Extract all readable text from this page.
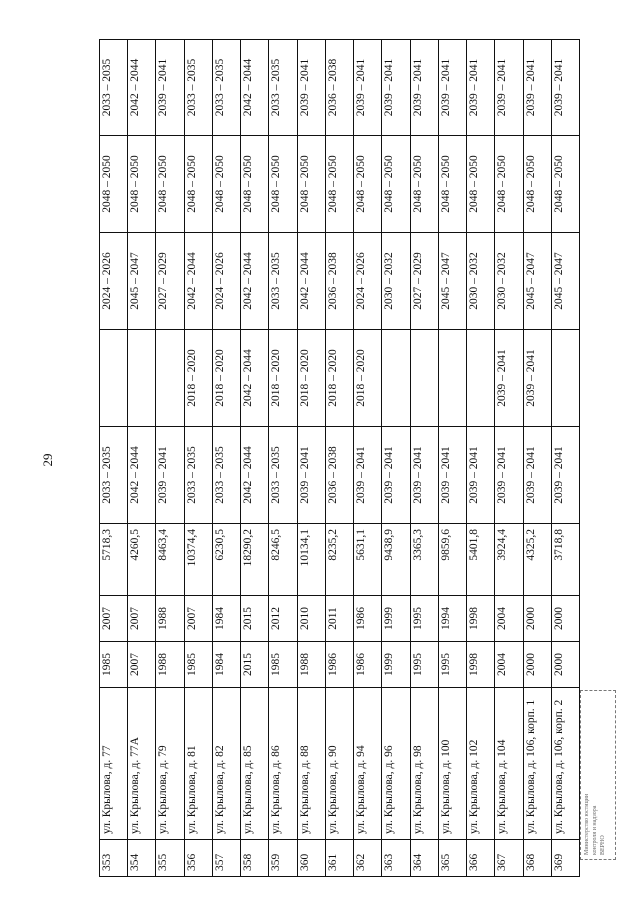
29
353	ул. Крылова, д. 77	1985	2007	5718,3	2033 – 2035		2024 – 2026	2048 – 2050	2033 – 2035
354	ул. Крылова, д. 77А	2007	2007	4260,5	2042 – 2044		2045 – 2047	2048 – 2050	2042 – 2044
355	ул. Крылова, д. 79	1988	1988	8463,4	2039 – 2041		2027 – 2029	2048 – 2050	2039 – 2041
356	ул. Крылова, д. 81	1985	2007	10374,4	2033 – 2035	2018 – 2020	2042 – 2044	2048 – 2050	2033 – 2035
357	ул. Крылова, д. 82	1984	1984	6230,5	2033 – 2035	2018 – 2020	2024 – 2026	2048 – 2050	2033 – 2035
358	ул. Крылова, д. 85	2015	2015	18290,2	2042 – 2044	2042 – 2044	2042 – 2044	2048 – 2050	2042 – 2044
359	ул. Крылова, д. 86	1985	2012	8246,5	2033 – 2035	2018 – 2020	2033 – 2035	2048 – 2050	2033 – 2035
360	ул. Крылова, д. 88	1988	2010	10134,1	2039 – 2041	2018 – 2020	2042 – 2044	2048 – 2050	2039 – 2041
361	ул. Крылова, д. 90	1986	2011	8235,2	2036 – 2038	2018 – 2020	2036 – 2038	2048 – 2050	2036 – 2038
362	ул. Крылова, д. 94	1986	1986	5631,1	2039 – 2041	2018 – 2020	2024 – 2026	2048 – 2050	2039 – 2041
363	ул. Крылова, д. 96	1999	1999	9438,9	2039 – 2041		2030 – 2032	2048 – 2050	2039 – 2041
364	ул. Крылова, д. 98	1995	1995	3365,3	2039 – 2041		2027 – 2029	2048 – 2050	2039 – 2041
365	ул. Крылова, д. 100	1995	1994	9859,6	2039 – 2041		2045 – 2047	2048 – 2050	2039 – 2041
366	ул. Крылова, д. 102	1998	1998	5401,8	2039 – 2041		2030 – 2032	2048 – 2050	2039 – 2041
367	ул. Крылова, д. 104	2004	2004	3924,4	2039 – 2041	2039 – 2041	2030 – 2032	2048 – 2050	2039 – 2041
368	ул. Крылова, д. 106, корп. 1	2000	2000	4325,2	2039 – 2041	2039 – 2041	2045 – 2047	2048 – 2050	2039 – 2041
369	ул. Крылова, д. 106, корп. 2	2000	2000	3718,8	2039 – 2041		2045 – 2047	2048 – 2050	2039 – 2041
Министерство юстиции контроля и надзора ВЕРНО
